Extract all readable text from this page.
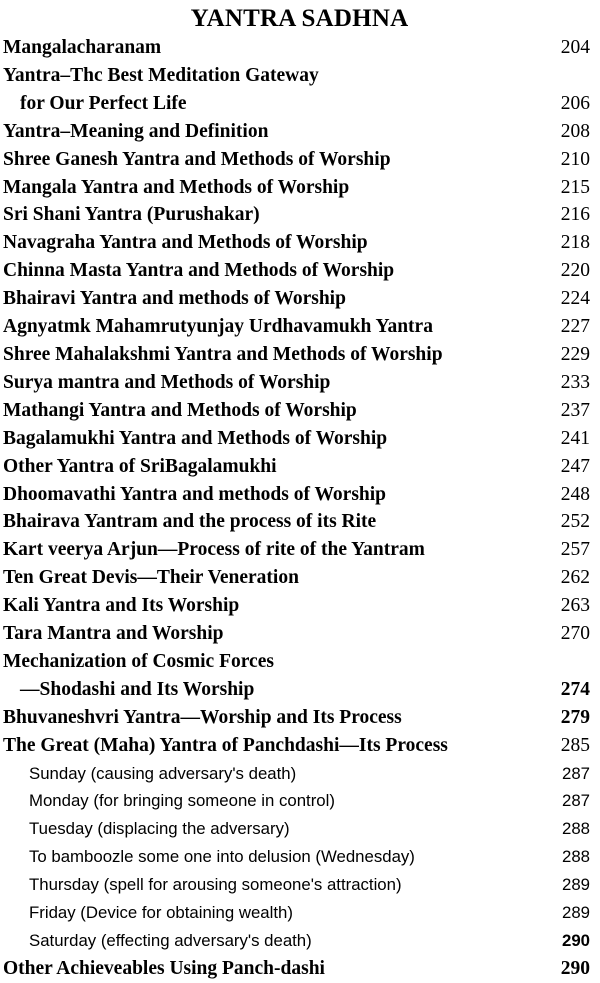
YANTRA SADHNA
Mangalacharanam	204
Yantra–Thc Best Meditation Gateway
for Our Perfect Life	206
Yantra–Meaning and Definition	208
Shree Ganesh Yantra and Methods of Worship	210
Mangala Yantra and Methods of Worship	215
Sri Shani Yantra (Purushakar)	216
Navagraha Yantra and Methods of Worship	218
Chinna Masta Yantra and Methods of Worship	220
Bhairavi Yantra and methods of Worship	224
Agnyatmk Mahamrutyunjay Urdhavamukh Yantra	227
Shree Mahalakshmi Yantra and Methods of Worship	229
Surya mantra and Methods of Worship	233
Mathangi Yantra and Methods of Worship	237
Bagalamukhi Yantra and Methods of Worship	241
Other Yantra of SriBagalamukhi	247
Dhoomavathi Yantra and methods of Worship	248
Bhairava Yantram and the process of its Rite	252
Kart veerya Arjun—Process of rite of the Yantram	257
Ten Great Devis—Their Veneration	262
Kali Yantra and Its Worship	263
Tara Mantra and Worship	270
Mechanization of Cosmic Forces
—Shodashi and Its Worship	274
Bhuvaneshvri Yantra—Worship and Its Process	279
The Great (Maha) Yantra of Panchdashi—Its Process	285
Sunday (causing adversary's death)	287
Monday (for bringing someone in control)	287
Tuesday (displacing the adversary)	288
To bamboozle some one into delusion (Wednesday)	288
Thursday (spell for arousing someone's attraction)	289
Friday (Device for obtaining wealth)	289
Saturday (effecting adversary's death)	290
Other Achieveables Using Panch-dashi	290
